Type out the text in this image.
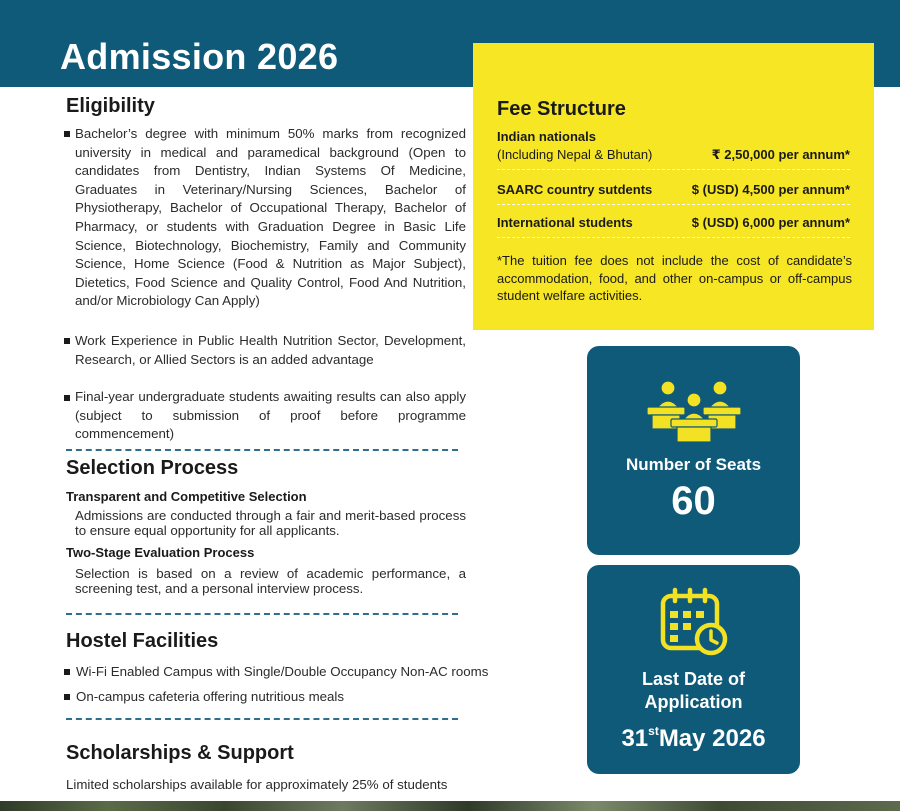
Admission 2026
Eligibility
Bachelor’s degree with minimum 50% marks from recognized university in medical and paramedical background (Open to candidates from Dentistry, Indian Systems Of Medicine, Graduates in Veterinary/Nursing Sciences, Bachelor of Physiotherapy, Bachelor of Occupational Therapy, Bachelor of Pharmacy, or students with Graduation Degree in Basic Life Science, Biotechnology, Biochemistry, Family and Community Science, Home Science (Food & Nutrition as Major Subject), Dietetics, Food Science and Quality Control, Food And Nutrition, and/or Microbiology Can Apply)
Work Experience in Public Health Nutrition Sector, Development, Research, or Allied Sectors is an added advantage
Final-year undergraduate students awaiting results can also apply (subject to submission of proof before programme commencement)
Selection Process
Transparent and Competitive Selection
Admissions are conducted through a fair and merit-based process to ensure equal opportunity for all applicants.
Two-Stage Evaluation Process
Selection is based on a review of academic performance, a screening test, and a personal interview process.
Hostel Facilities
Wi-Fi Enabled Campus with Single/Double Occupancy Non-AC rooms
On-campus cafeteria offering nutritious meals
Scholarships & Support
Limited scholarships available for approximately 25% of students
Fee Structure
Indian nationals
(Including Nepal & Bhutan)	₹ 2,50,000 per annum*
SAARC country sutdents	$ (USD) 4,500 per annum*
International students	$ (USD) 6,000 per annum*
*The tuition fee does not include the cost of candidate’s accommodation, food, and other on-campus or off-campus student welfare activities.
Number of Seats
60
Last Date of
Application
31stMay 2026
